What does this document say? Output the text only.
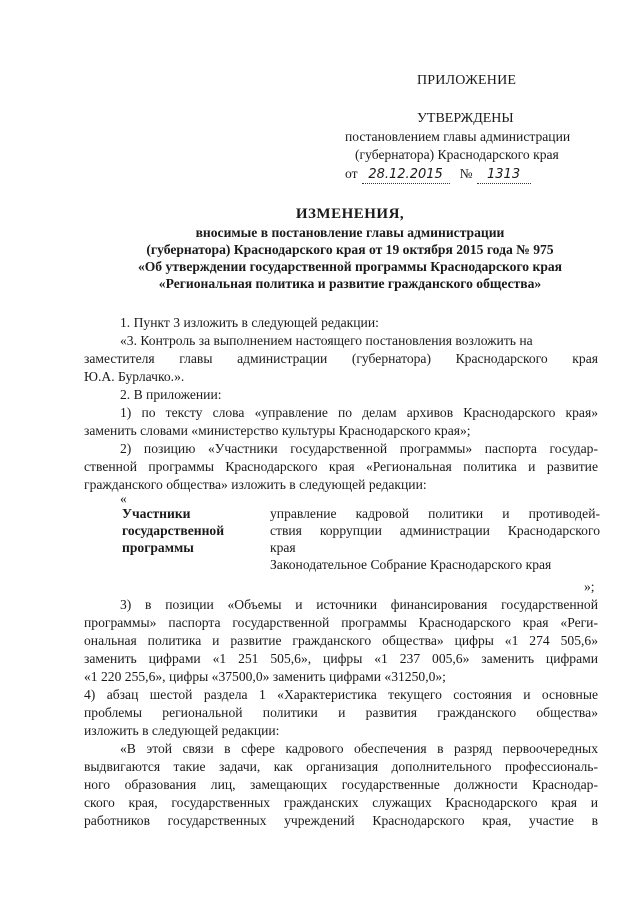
ПРИЛОЖЕНИЕ
УТВЕРЖДЕНЫ
постановлением главы администрации
(губернатора) Краснодарского края
от 28.12.2015 № 1313
ИЗМЕНЕНИЯ,
вносимые в постановление главы администрации
(губернатора) Краснодарского края от 19 октября 2015 года № 975
«Об утверждении государственной программы Краснодарского края
«Региональная политика и развитие гражданского общества»
1. Пункт 3 изложить в следующей редакции:
«3. Контроль за выполнением настоящего постановления возложить на
заместителя главы администрации (губернатора) Краснодарского края
Ю.А. Бурлачко.».
2. В приложении:
1) по тексту слова «управление по делам архивов Краснодарского края»
заменить словами «министерство культуры Краснодарского края»;
2) позицию «Участники государственной программы» паспорта государ-
ственной программы Краснодарского края «Региональная политика и развитие
гражданского общества» изложить в следующей редакции:
«
Участники
государственной
программы
управление кадровой политики и противодей-
ствия коррупции администрации Краснодарского
края
Законодательное Собрание Краснодарского края
»;
3) в позиции «Объемы и источники финансирования государственной
программы» паспорта государственной программы Краснодарского края «Реги-
ональная политика и развитие гражданского общества» цифры «1 274 505,6»
заменить цифрами «1 251 505,6», цифры «1 237 005,6» заменить цифрами
«1 220 255,6», цифры «37500,0» заменить цифрами «31250,0»;
4) абзац шестой раздела 1 «Характеристика текущего состояния и основные
проблемы региональной политики и развития гражданского общества»
изложить в следующей редакции:
«В этой связи в сфере кадрового обеспечения в разряд первоочередных
выдвигаются такие задачи, как организация дополнительного профессиональ-
ного образования лиц, замещающих государственные должности Краснодар-
ского края, государственных гражданских служащих Краснодарского края и
работников государственных учреждений Краснодарского края, участие в
